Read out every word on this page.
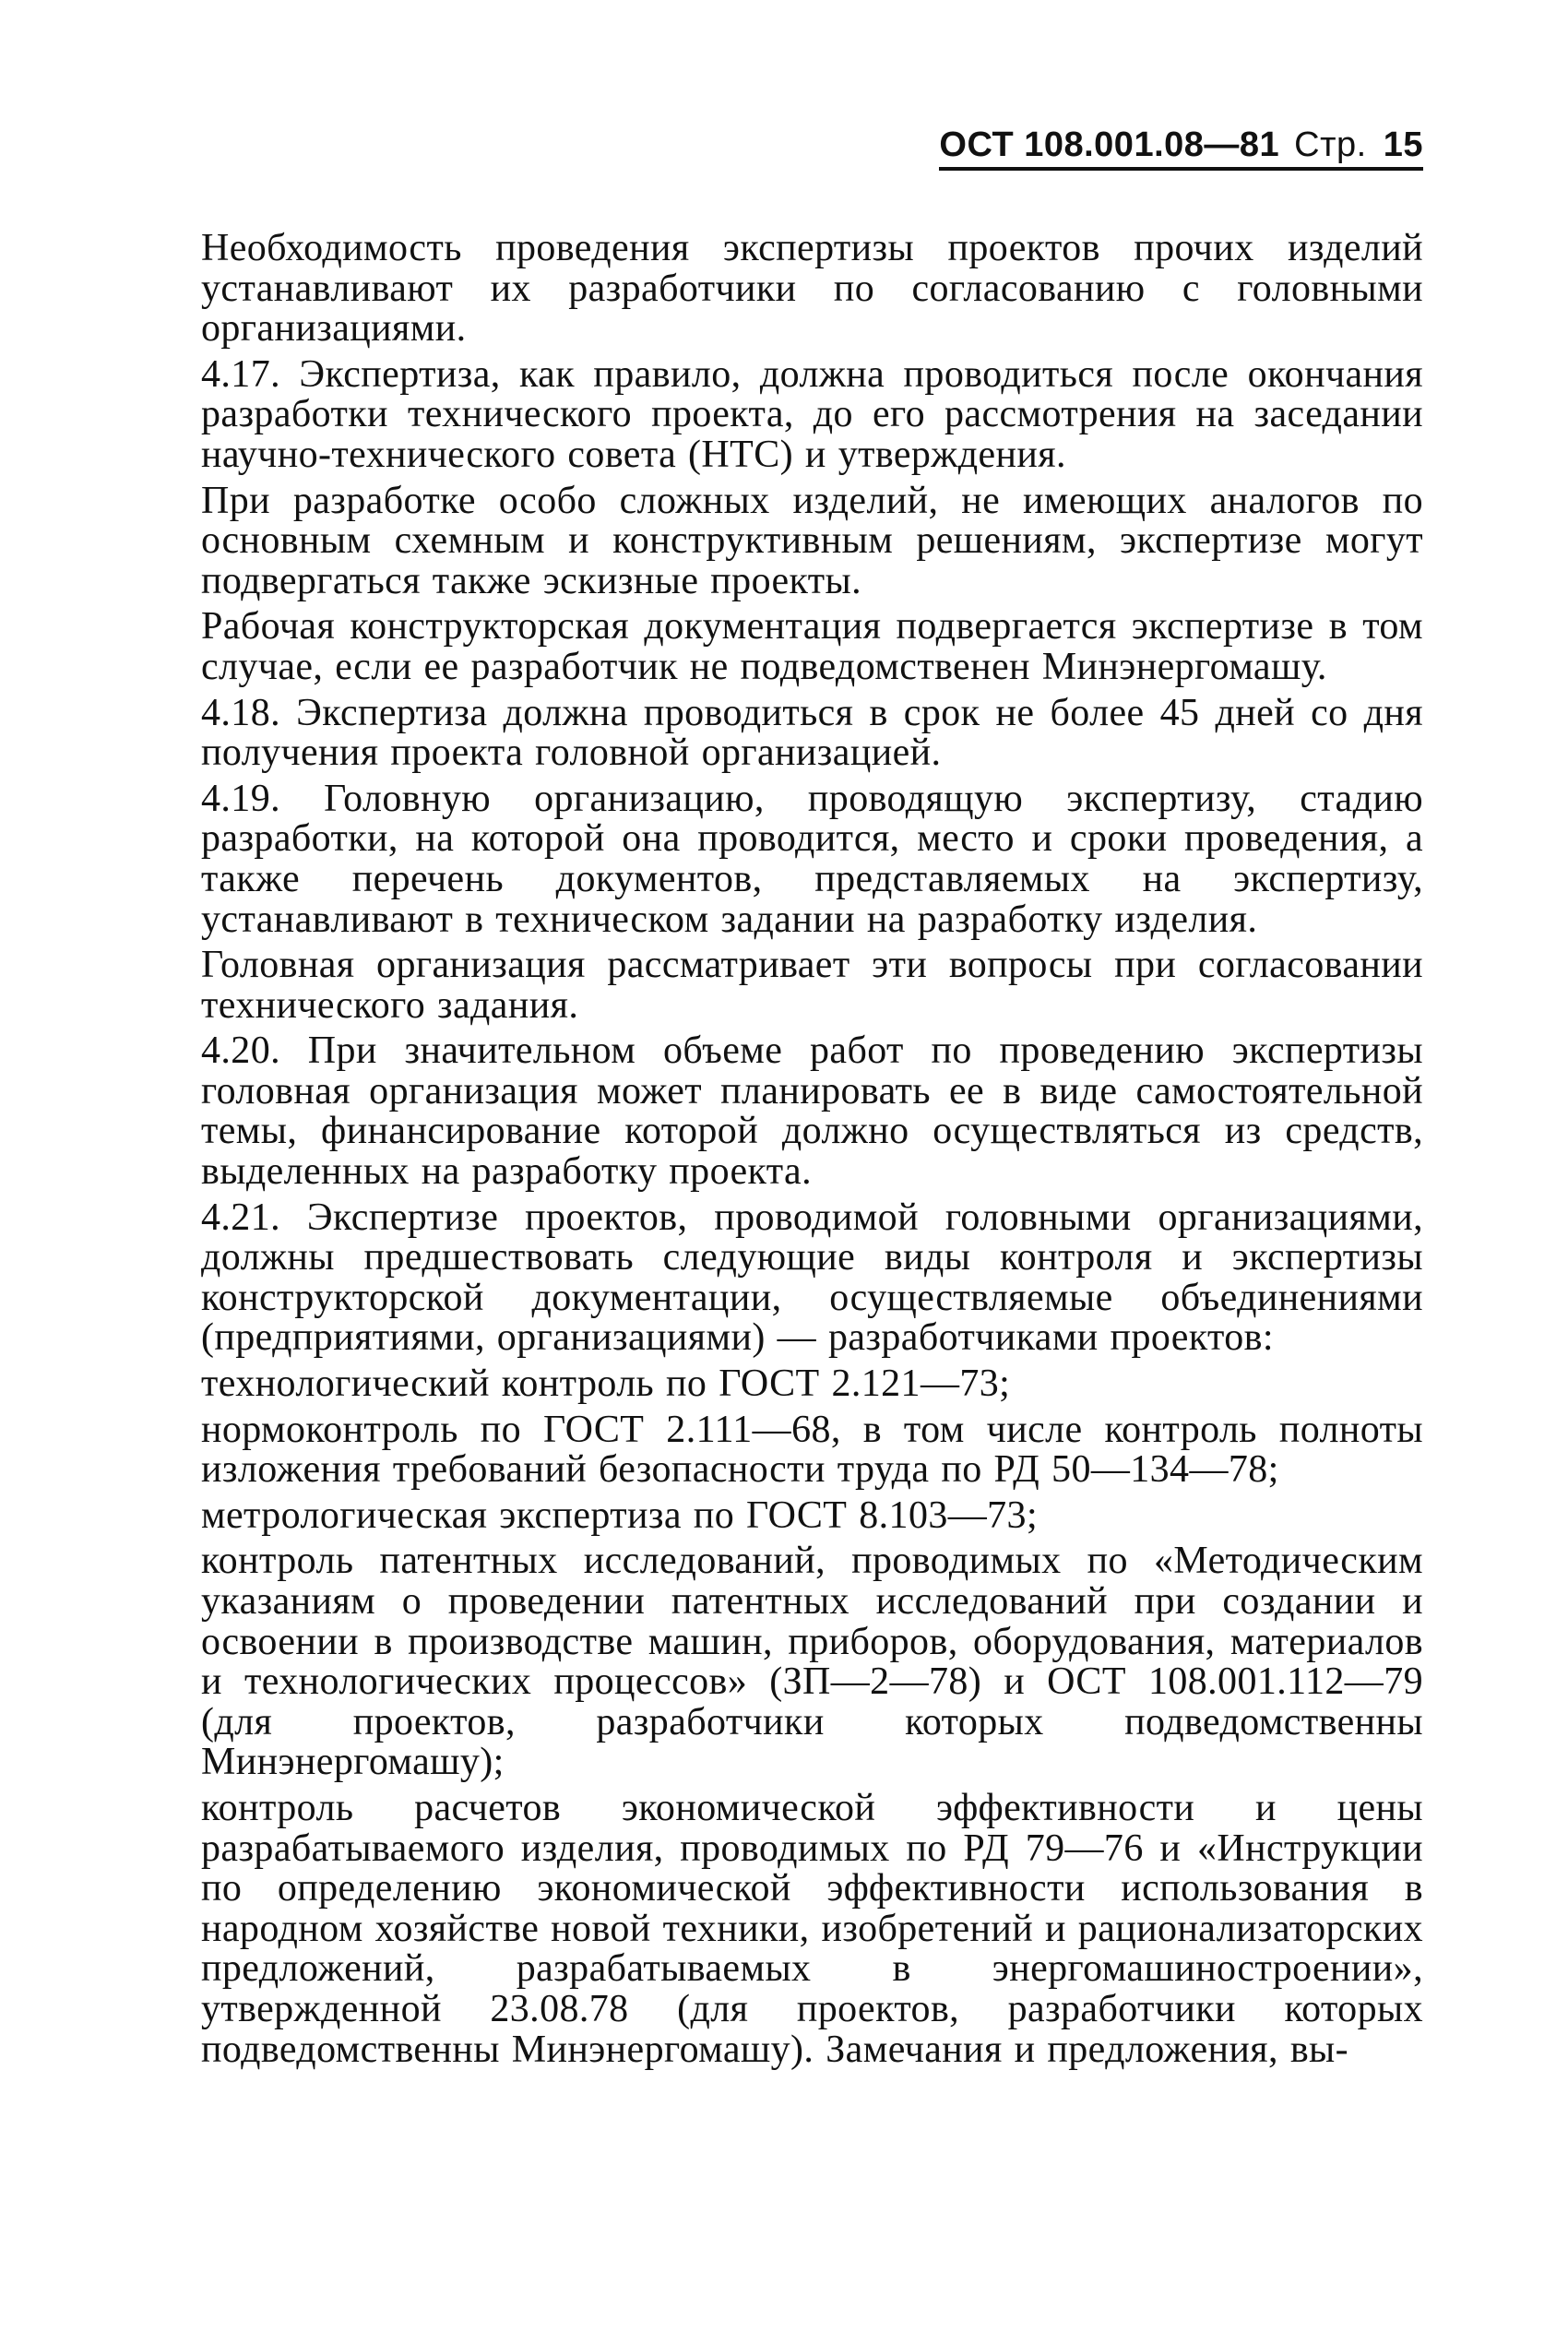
ОСТ 108.001.08—81 Стр. 15

Необходимость проведения экспертизы проектов прочих изделий устанавливают их разработчики по согласованию с головными организациями.

4.17. Экспертиза, как правило, должна проводиться после окончания разработки технического проекта, до его рассмотрения на заседании научно-технического совета (НТС) и утверждения.

При разработке особо сложных изделий, не имеющих аналогов по основным схемным и конструктивным решениям, экспертизе могут подвергаться также эскизные проекты.

Рабочая конструкторская документация подвергается экспертизе в том случае, если ее разработчик не подведомственен Минэнергомашу.

4.18. Экспертиза должна проводиться в срок не более 45 дней со дня получения проекта головной организацией.

4.19. Головную организацию, проводящую экспертизу, стадию разработки, на которой она проводится, место и сроки проведения, а также перечень документов, представляемых на экспертизу, устанавливают в техническом задании на разработку изделия.

Головная организация рассматривает эти вопросы при согласовании технического задания.

4.20. При значительном объеме работ по проведению экспертизы головная организация может планировать ее в виде самостоятельной темы, финансирование которой должно осуществляться из средств, выделенных на разработку проекта.

4.21. Экспертизе проектов, проводимой головными организациями, должны предшествовать следующие виды контроля и экспертизы конструкторской документации, осуществляемые объединениями (предприятиями, организациями) — разработчиками проектов:

технологический контроль по ГОСТ 2.121—73;

нормоконтроль по ГОСТ 2.111—68, в том числе контроль полноты изложения требований безопасности труда по РД 50—134—78;

метрологическая экспертиза по ГОСТ 8.103—73;

контроль патентных исследований, проводимых по «Методическим указаниям о проведении патентных исследований при создании и освоении в производстве машин, приборов, оборудования, материалов и технологических процессов» (ЗП—2—78) и ОСТ 108.001.112—79 (для проектов, разработчики которых подведомственны Минэнергомашу);

контроль расчетов экономической эффективности и цены разрабатываемого изделия, проводимых по РД 79—76 и «Инструкции по определению экономической эффективности использования в народном хозяйстве новой техники, изобретений и рационализаторских предложений, разрабатываемых в энергомашиностроении», утвержденной 23.08.78 (для проектов, разработчики которых подведомственны Минэнергомашу). Замечания и предложения, вы-
